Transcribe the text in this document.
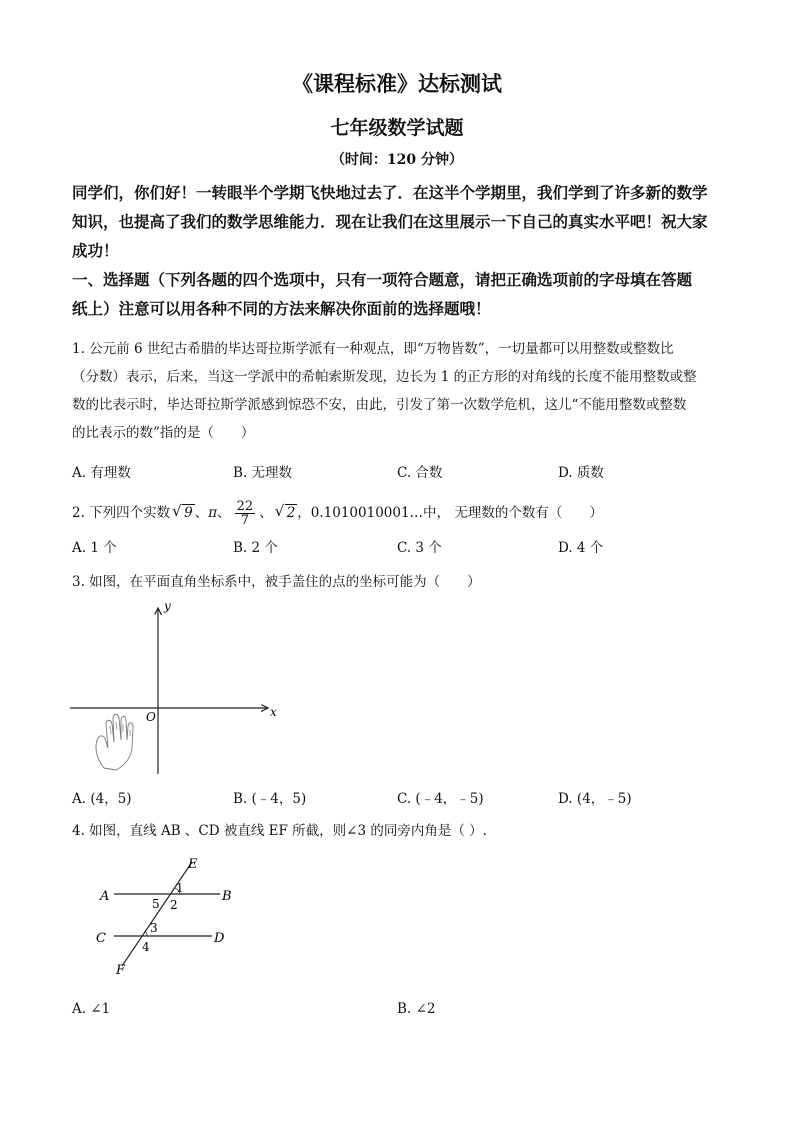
《课程标准》达标测试
七年级数学试题
（时间：120 分钟）

同学们，你们好！一转眼半个学期飞快地过去了．在这半个学期里，我们学到了许多新的数学

知识，也提高了我们的数学思维能力．现在让我们在这里展示一下自己的真实水平吧！祝大家

成功！

一、选择题（下列各题的四个选项中，只有一项符合题意，请把正确选项前的字母填在答题

纸上）注意可以用各种不同的方法来解决你面前的选择题哦！

1. 公元前 6 世纪古希腊的毕达哥拉斯学派有一种观点，即“万物皆数”，一切量都可以用整数或整数比
（分数）表示，后来，当这一学派中的希帕索斯发现，边长为 1 的正方形的对角线的长度不能用整数或整
数的比表示时，毕达哥拉斯学派感到惊恐不安，由此，引发了第一次数学危机，这儿“不能用整数或整数
的比表示的数”指的是（　　）
A. 有理数	B. 无理数	C. 合数	D. 质数
2. 下列四个实数 √ 9 、π、 $\frac{22}{7}$ 、 √ 2 ，0.1010010001…中， 无理数的个数有（　　）
A. 1 个	B. 2 个	C. 3 个	D. 4 个
3. 如图，在平面直角坐标系中，被手盖住的点的坐标可能为（　　）
y
x
O
A. (4，5)	B. (﹣4，5)	C. (﹣4，﹣5)	D. (4，﹣5)
4. 如图，直线 AB 、CD 被直线 EF 所截，则∠3 的同旁内角是（ ）.
E
A	B
C	D
F
1
2
5
3
4
A. ∠1	B. ∠2
